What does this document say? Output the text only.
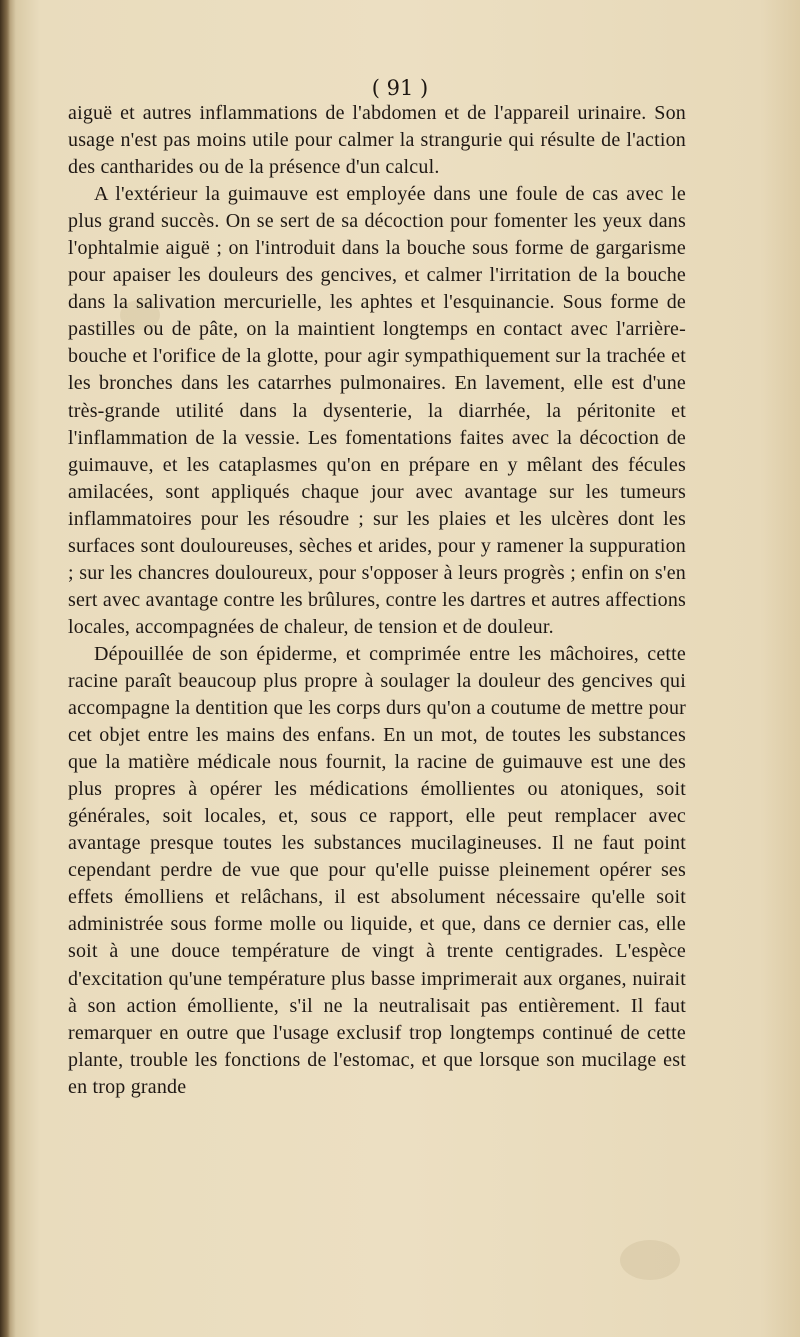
( 91 )

aiguë et autres inflammations de l'abdomen et de l'appareil urinaire. Son usage n'est pas moins utile pour calmer la strangurie qui résulte de l'action des cantharides ou de la présence d'un calcul.

A l'extérieur la guimauve est employée dans une foule de cas avec le plus grand succès. On se sert de sa décoction pour fomenter les yeux dans l'ophtalmie aiguë ; on l'introduit dans la bouche sous forme de gargarisme pour apaiser les douleurs des gencives, et calmer l'irritation de la bouche dans la salivation mercurielle, les aphtes et l'esquinancie. Sous forme de pastilles ou de pâte, on la maintient longtemps en contact avec l'arrière-bouche et l'orifice de la glotte, pour agir sympathiquement sur la trachée et les bronches dans les catarrhes pulmonaires. En lavement, elle est d'une très-grande utilité dans la dysenterie, la diarrhée, la péritonite et l'inflammation de la vessie. Les fomentations faites avec la décoction de guimauve, et les cataplasmes qu'on en prépare en y mêlant des fécules amilacées, sont appliqués chaque jour avec avantage sur les tumeurs inflammatoires pour les résoudre ; sur les plaies et les ulcères dont les surfaces sont douloureuses, sèches et arides, pour y ramener la suppuration ; sur les chancres douloureux, pour s'opposer à leurs progrès ; enfin on s'en sert avec avantage contre les brûlures, contre les dartres et autres affections locales, accompagnées de chaleur, de tension et de douleur.

Dépouillée de son épiderme, et comprimée entre les mâchoires, cette racine paraît beaucoup plus propre à soulager la douleur des gencives qui accompagne la dentition que les corps durs qu'on a coutume de mettre pour cet objet entre les mains des enfans. En un mot, de toutes les substances que la matière médicale nous fournit, la racine de guimauve est une des plus propres à opérer les médications émollientes ou atoniques, soit générales, soit locales, et, sous ce rapport, elle peut remplacer avec avantage presque toutes les substances mucilagineuses. Il ne faut point cependant perdre de vue que pour qu'elle puisse pleinement opérer ses effets émolliens et relâchans, il est absolument nécessaire qu'elle soit administrée sous forme molle ou liquide, et que, dans ce dernier cas, elle soit à une douce température de vingt à trente centigrades. L'espèce d'excitation qu'une température plus basse imprimerait aux organes, nuirait à son action émolliente, s'il ne la neutralisait pas entièrement. Il faut remarquer en outre que l'usage exclusif trop longtemps continué de cette plante, trouble les fonctions de l'estomac, et que lorsque son mucilage est en trop grande
